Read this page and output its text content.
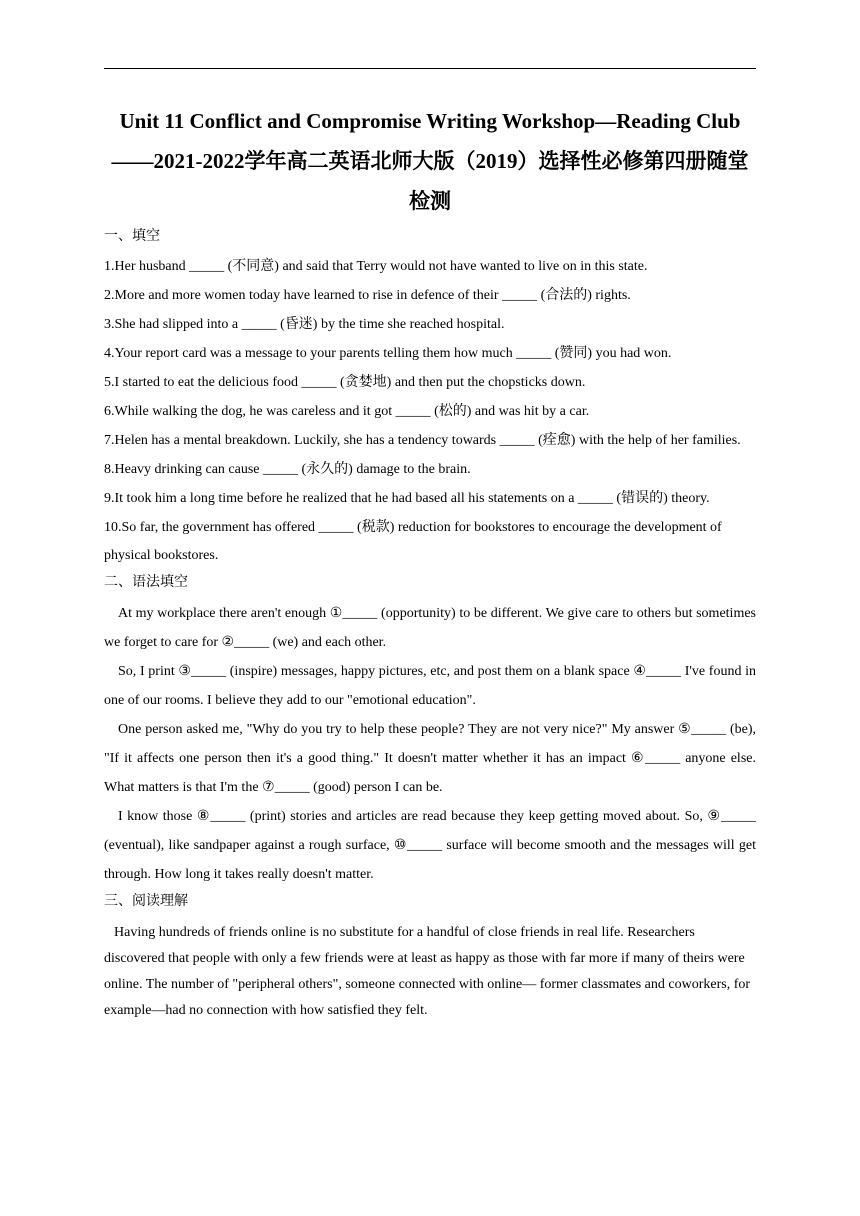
Unit 11 Conflict and Compromise Writing Workshop—Reading Club——2021-2022学年高二英语北师大版（2019）选择性必修第四册随堂检测
一、填空
1.Her husband _____ (不同意) and said that Terry would not have wanted to live on in this state.
2.More and more women today have learned to rise in defence of their _____ (合法的) rights.
3.She had slipped into a _____ (昏迷) by the time she reached hospital.
4.Your report card was a message to your parents telling them how much _____ (赞同) you had won.
5.I started to eat the delicious food _____ (贪婪地) and then put the chopsticks down.
6.While walking the dog, he was careless and it got _____ (松的) and was hit by a car.
7.Helen has a mental breakdown. Luckily, she has a tendency towards _____ (痊愈) with the help of her families.
8.Heavy drinking can cause _____ (永久的) damage to the brain.
9.It took him a long time before he realized that he had based all his statements on a _____ (错误的) theory.
10.So far, the government has offered _____ (税款) reduction for bookstores to encourage the development of physical bookstores.
二、语法填空
At my workplace there aren't enough ①_____ (opportunity) to be different. We give care to others but sometimes we forget to care for ②_____ (we) and each other.
So, I print ③_____ (inspire) messages, happy pictures, etc, and post them on a blank space ④_____ I've found in one of our rooms. I believe they add to our "emotional education".
One person asked me, "Why do you try to help these people? They are not very nice?" My answer ⑤_____ (be), "If it affects one person then it's a good thing." It doesn't matter whether it has an impact ⑥_____ anyone else. What matters is that I'm the ⑦_____ (good) person I can be.
I know those ⑧_____ (print) stories and articles are read because they keep getting moved about. So, ⑨_____ (eventual), like sandpaper against a rough surface, ⑩_____ surface will become smooth and the messages will get through. How long it takes really doesn't matter.
三、阅读理解
Having hundreds of friends online is no substitute for a handful of close friends in real life. Researchers discovered that people with only a few friends were at least as happy as those with far more if many of theirs were online. The number of "peripheral others", someone connected with online— former classmates and coworkers, for example—had no connection with how satisfied they felt.
